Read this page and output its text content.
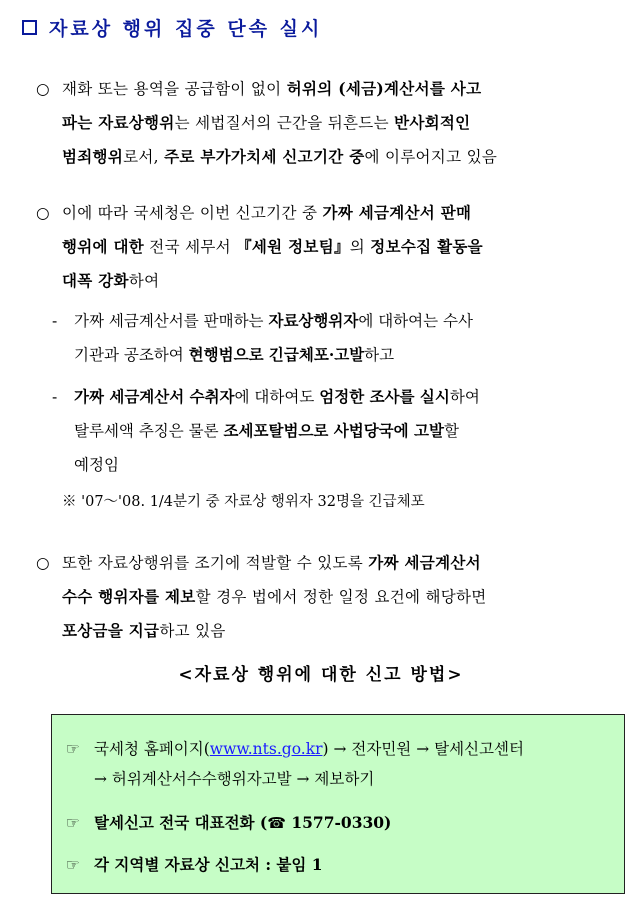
자료상 행위 집중 단속 실시
○ 재화 또는 용역을 공급함이 없이 허위의 (세금)계산서를 사고
파는 자료상행위는 세법질서의 근간을 뒤흔드는 반사회적인
범죄행위로서, 주로 부가가치세 신고기간 중에 이루어지고 있음
○ 이에 따라 국세청은 이번 신고기간 중 가짜 세금계산서 판매
행위에 대한 전국 세무서 『세원 정보팀』의 정보수집 활동을
대폭 강화하여
- 가짜 세금계산서를 판매하는 자료상행위자에 대하여는 수사
기관과 공조하여 현행범으로 긴급체포·고발하고
- 가짜 세금계산서 수취자에 대하여도 엄정한 조사를 실시하여
탈루세액 추징은 물론 조세포탈범으로 사법당국에 고발할
예정임
※ '07～'08. 1/4분기 중 자료상 행위자 32명을 긴급체포
○ 또한 자료상행위를 조기에 적발할 수 있도록 가짜 세금계산서
수수 행위자를 제보할 경우 법에서 정한 일정 요건에 해당하면
포상금을 지급하고 있음
<자료상 행위에 대한 신고 방법>
☞ 국세청 홈페이지(www.nts.go.kr) → 전자민원 → 탈세신고센터
→ 허위계산서수수행위자고발 → 제보하기
☞ 탈세신고 전국 대표전화 (☎ 1577-0330)
☞ 각 지역별 자료상 신고처 : 붙임 1
